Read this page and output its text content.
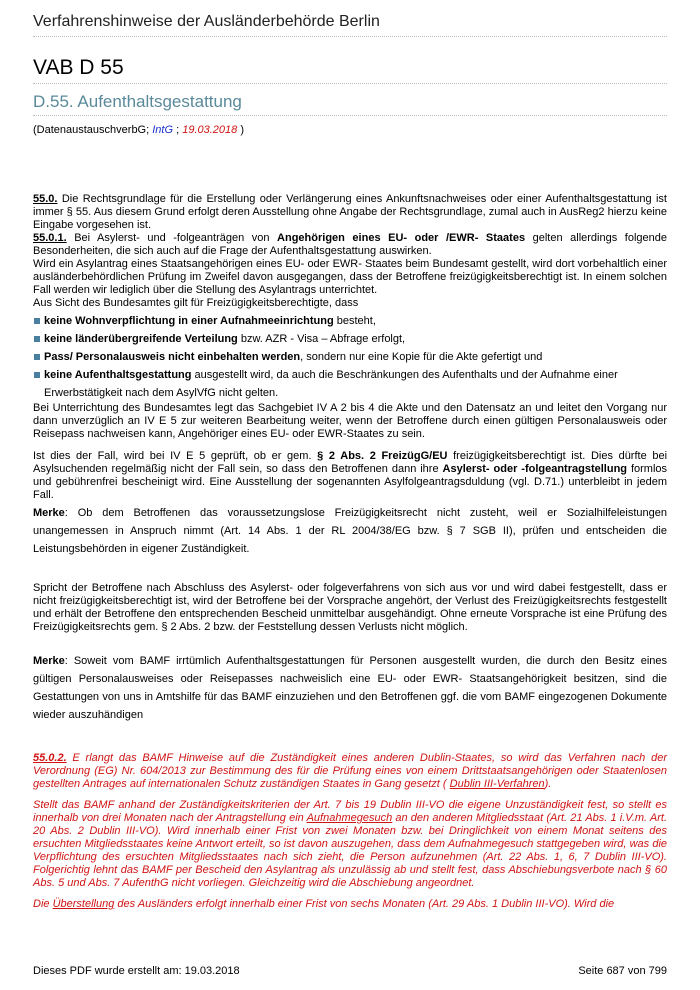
Verfahrenshinweise der Ausländerbehörde Berlin
VAB D 55
D.55. Aufenthaltsgestattung
(DatenaustauschverbG; IntG ; 19.03.2018 )

55.0. Die Rechtsgrundlage für die Erstellung oder Verlängerung eines Ankunftsnachweises oder einer Aufenthaltsgestattung ist immer § 55. Aus diesem Grund erfolgt deren Ausstellung ohne Angabe der Rechtsgrundlage, zumal auch in AusReg2 hierzu keine Eingabe vorgesehen ist.

55.0.1. Bei Asylerst- und -folgeanträgen von Angehörigen eines EU- oder /EWR- Staates gelten allerdings folgende Besonderheiten, die sich auch auf die Frage der Aufenthaltsgestattung auswirken.

Wird ein Asylantrag eines Staatsangehörigen eines EU- oder EWR- Staates beim Bundesamt gestellt, wird dort vorbehaltlich einer ausländerbehördlichen Prüfung im Zweifel davon ausgegangen, dass der Betroffene freizügigkeitsberechtigt ist. In einem solchen Fall werden wir lediglich über die Stellung des Asylantrags unterrichtet.

Aus Sicht des Bundesamtes gilt für Freizügigkeitsberechtigte, dass

keine Wohnverpflichtung in einer Aufnahmeeinrichtung besteht,
keine länderübergreifende Verteilung bzw. AZR - Visa – Abfrage erfolgt,
Pass/ Personalausweis nicht einbehalten werden, sondern nur eine Kopie für die Akte gefertigt und
keine Aufenthaltsgestattung ausgestellt wird, da auch die Beschränkungen des Aufenthalts und der Aufnahme einer Erwerbstätigkeit nach dem AsylVfG nicht gelten.

Bei Unterrichtung des Bundesamtes legt das Sachgebiet IV A 2 bis 4 die Akte und den Datensatz an und leitet den Vorgang nur dann unverzüglich an IV E 5 zur weiteren Bearbeitung weiter, wenn der Betroffene durch einen gültigen Personalausweis oder Reisepass nachweisen kann, Angehöriger eines EU- oder EWR-Staates zu sein.

Ist dies der Fall, wird bei IV E 5 geprüft, ob er gem. § 2 Abs. 2 FreizügG/EU freizügigkeitsberechtigt ist. Dies dürfte bei Asylsuchenden regelmäßig nicht der Fall sein, so dass den Betroffenen dann ihre Asylerst- oder -folgeantragstellung formlos und gebührenfrei bescheinigt wird. Eine Ausstellung der sogenannten Asylfolgeantragsduldung (vgl. D.71.) unterbleibt in jedem Fall.

Merke: Ob dem Betroffenen das voraussetzungslose Freizügigkeitsrecht nicht zusteht, weil er Sozialhilfeleistungen unangemessen in Anspruch nimmt (Art. 14 Abs. 1 der RL 2004/38/EG bzw. § 7 SGB II), prüfen und entscheiden die Leistungsbehörden in eigener Zuständigkeit.

Spricht der Betroffene nach Abschluss des Asylerst- oder folgeverfahrens von sich aus vor und wird dabei festgestellt, dass er nicht freizügigkeitsberechtigt ist, wird der Betroffene bei der Vorsprache angehört, der Verlust des Freizügigkeitsrechts festgestellt und erhält der Betroffene den entsprechenden Bescheid unmittelbar ausgehändigt. Ohne erneute Vorsprache ist eine Prüfung des Freizügigkeitsrechts gem. § 2 Abs. 2 bzw. der Feststellung dessen Verlusts nicht möglich.

Merke: Soweit vom BAMF irrtümlich Aufenthaltsgestattungen für Personen ausgestellt wurden, die durch den Besitz eines gültigen Personalausweises oder Reisepasses nachweislich eine EU- oder EWR- Staatsangehörigkeit besitzen, sind die Gestattungen von uns in Amtshilfe für das BAMF einzuziehen und den Betroffenen ggf. die vom BAMF eingezogenen Dokumente wieder auszuhändigen

55.0.2. E rlangt das BAMF Hinweise auf die Zuständigkeit eines anderen Dublin-Staates, so wird das Verfahren nach der Verordnung (EG) Nr. 604/2013 zur Bestimmung des für die Prüfung eines von einem Drittstaatsangehörigen oder Staatenlosen gestellten Antrages auf internationalen Schutz zuständigen Staates in Gang gesetzt ( Dublin III-Verfahren).

Stellt das BAMF anhand der Zuständigkeitskriterien der Art. 7 bis 19 Dublin III-VO die eigene Unzuständigkeit fest, so stellt es innerhalb von drei Monaten nach der Antragstellung ein Aufnahmegesuch an den anderen Mitgliedsstaat (Art. 21 Abs. 1 i.V.m. Art. 20 Abs. 2 Dublin III-VO). Wird innerhalb einer Frist von zwei Monaten bzw. bei Dringlichkeit von einem Monat seitens des ersuchten Mitgliedsstaates keine Antwort erteilt, so ist davon auszugehen, dass dem Aufnahmegesuch stattgegeben wird, was die Verpflichtung des ersuchten Mitgliedsstaates nach sich zieht, die Person aufzunehmen (Art. 22 Abs. 1, 6, 7 Dublin III-VO). Folgerichtig lehnt das BAMF per Bescheid den Asylantrag als unzulässig ab und stellt fest, dass Abschiebungsverbote nach § 60 Abs. 5 und Abs. 7 AufenthG nicht vorliegen. Gleichzeitig wird die Abschiebung angeordnet.

Die Überstellung des Ausländers erfolgt innerhalb einer Frist von sechs Monaten (Art. 29 Abs. 1 Dublin III-VO). Wird die

Dieses PDF wurde erstellt am: 19.03.2018	Seite 687 von 799
